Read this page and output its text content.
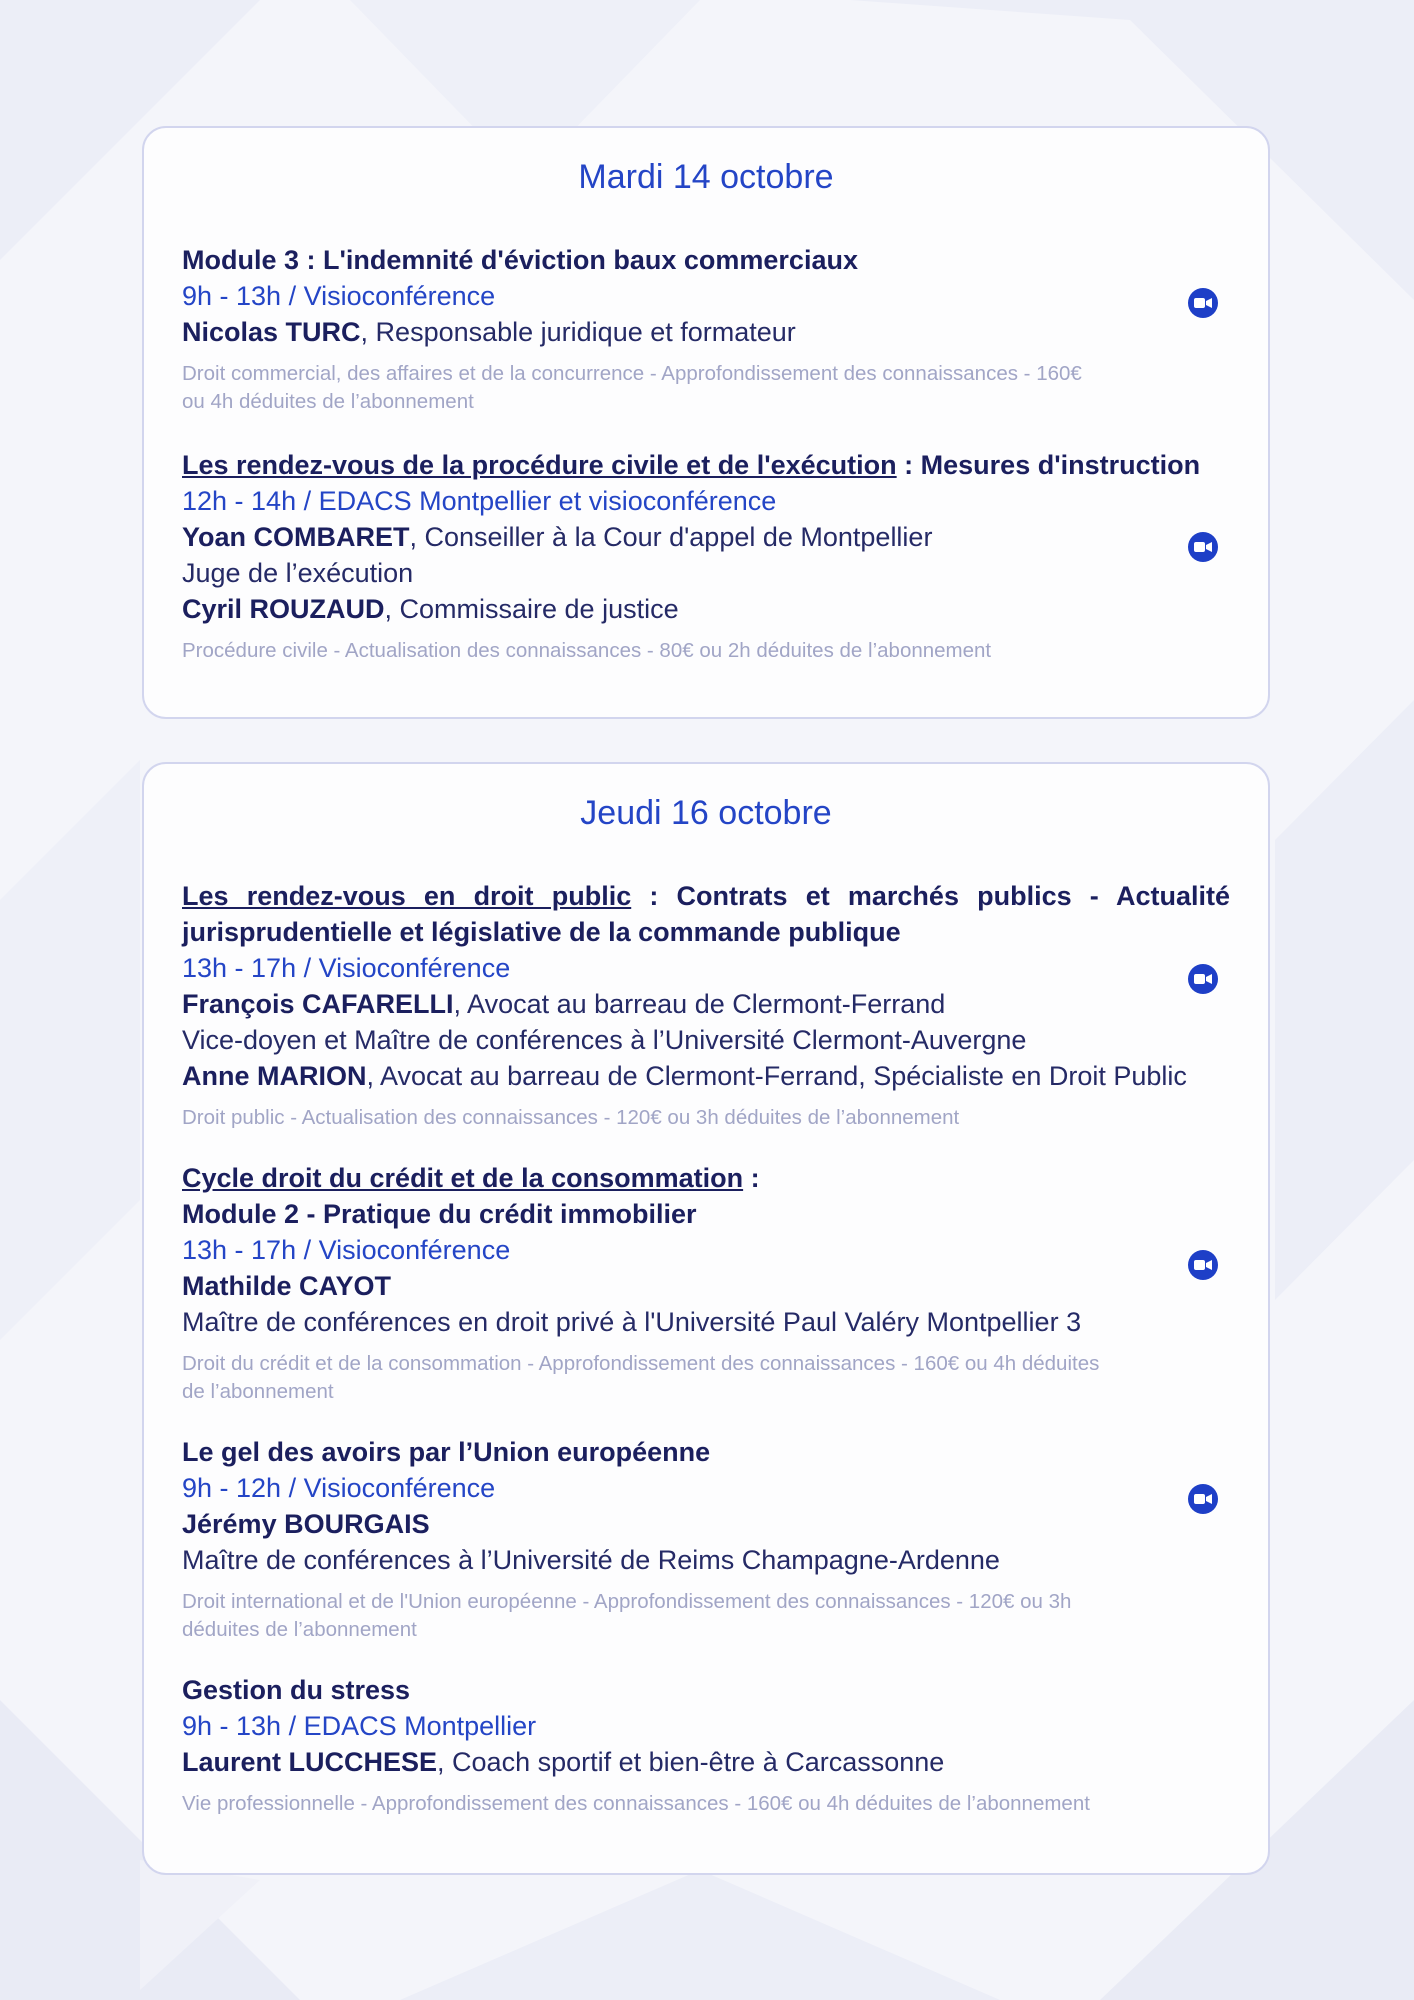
Mardi 14 octobre

Module 3 : L'indemnité d'éviction baux commerciaux

9h - 13h / Visioconférence

Nicolas TURC, Responsable juridique et formateur

Droit commercial, des affaires et de la concurrence - Approfondissement des connaissances - 160€
ou 4h déduites de l’abonnement

Les rendez-vous de la procédure civile et de l'exécution : Mesures d'instruction

12h - 14h / EDACS Montpellier et visioconférence

Yoan COMBARET, Conseiller à la Cour d'appel de Montpellier

Juge de l’exécution

Cyril ROUZAUD, Commissaire de justice

Procédure civile - Actualisation des connaissances - 80€ ou 2h déduites de l’abonnement
Jeudi 16 octobre

Les rendez-vous en droit public : Contrats et marchés publics - Actualité jurisprudentielle et législative de la commande publique

13h - 17h / Visioconférence

François CAFARELLI, Avocat au barreau de Clermont-Ferrand

Vice-doyen et Maître de conférences à l’Université Clermont-Auvergne

Anne MARION, Avocat au barreau de Clermont-Ferrand, Spécialiste en Droit Public

Droit public - Actualisation des connaissances - 120€ ou 3h déduites de l’abonnement

Cycle droit du crédit et de la consommation :

Module 2 - Pratique du crédit immobilier

13h - 17h / Visioconférence

Mathilde CAYOT

Maître de conférences en droit privé à l'Université Paul Valéry Montpellier 3

Droit du crédit et de la consommation - Approfondissement des connaissances - 160€ ou 4h déduites
de l’abonnement

Le gel des avoirs par l’Union européenne

9h - 12h / Visioconférence

Jérémy BOURGAIS

Maître de conférences à l’Université de Reims Champagne-Ardenne

Droit international et de l'Union européenne - Approfondissement des connaissances - 120€ ou 3h
déduites de l’abonnement

Gestion du stress

9h - 13h / EDACS Montpellier

Laurent LUCCHESE, Coach sportif et bien-être à Carcassonne

Vie professionnelle - Approfondissement des connaissances - 160€ ou 4h déduites de l’abonnement
